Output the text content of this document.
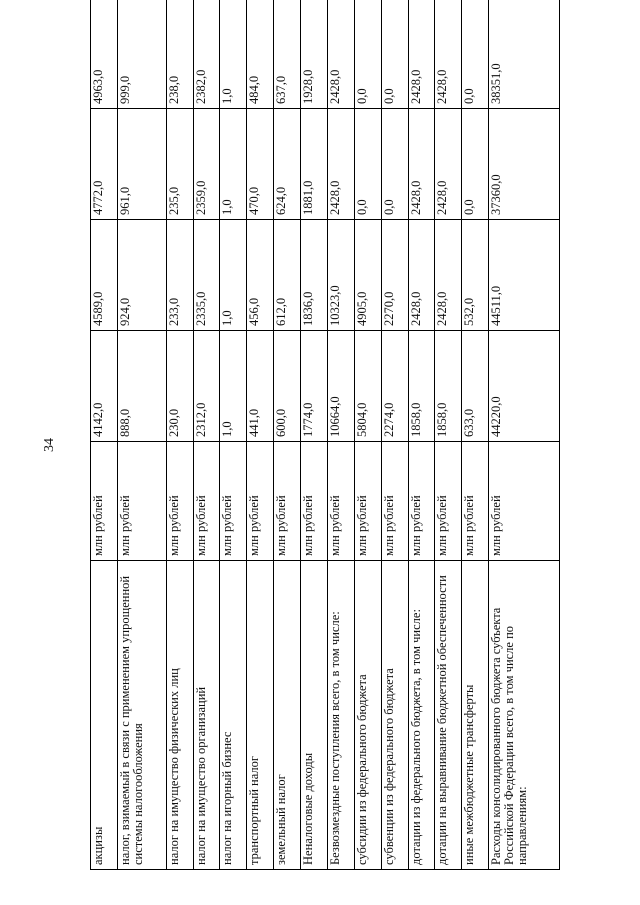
34
акцизы	млн рублей	4142,0	4589,0	4772,0	4963,0
налог, взимаемый в связи с применением упрощенной системы налогообложения	млн рублей	888,0	924,0	961,0	999,0
налог на имущество физических лиц	млн рублей	230,0	233,0	235,0	238,0
налог на имущество организаций	млн рублей	2312,0	2335,0	2359,0	2382,0
налог на игорный бизнес	млн рублей	1,0	1,0	1,0	1,0
транспортный налог	млн рублей	441,0	456,0	470,0	484,0
земельный налог	млн рублей	600,0	612,0	624,0	637,0
Неналоговые доходы	млн рублей	1774,0	1836,0	1881,0	1928,0
Безвозмездные поступления всего, в том числе:	млн рублей	10664,0	10323,0	2428,0	2428,0
субсидии из федерального бюджета	млн рублей	5804,0	4905,0	0,0	0,0
субвенции из федерального бюджета	млн рублей	2274,0	2270,0	0,0	0,0
дотации из федерального бюджета, в том числе:	млн рублей	1858,0	2428,0	2428,0	2428,0
дотации на выравнивание бюджетной обеспеченности	млн рублей	1858,0	2428,0	2428,0	2428,0
иные межбюджетные трансферты	млн рублей	633,0	532,0	0,0	0,0
Расходы консолидированного бюджета субъекта Российской Федерации всего, в том числе по направлениям:	млн рублей	44220,0	44511,0	37360,0	38351,0
